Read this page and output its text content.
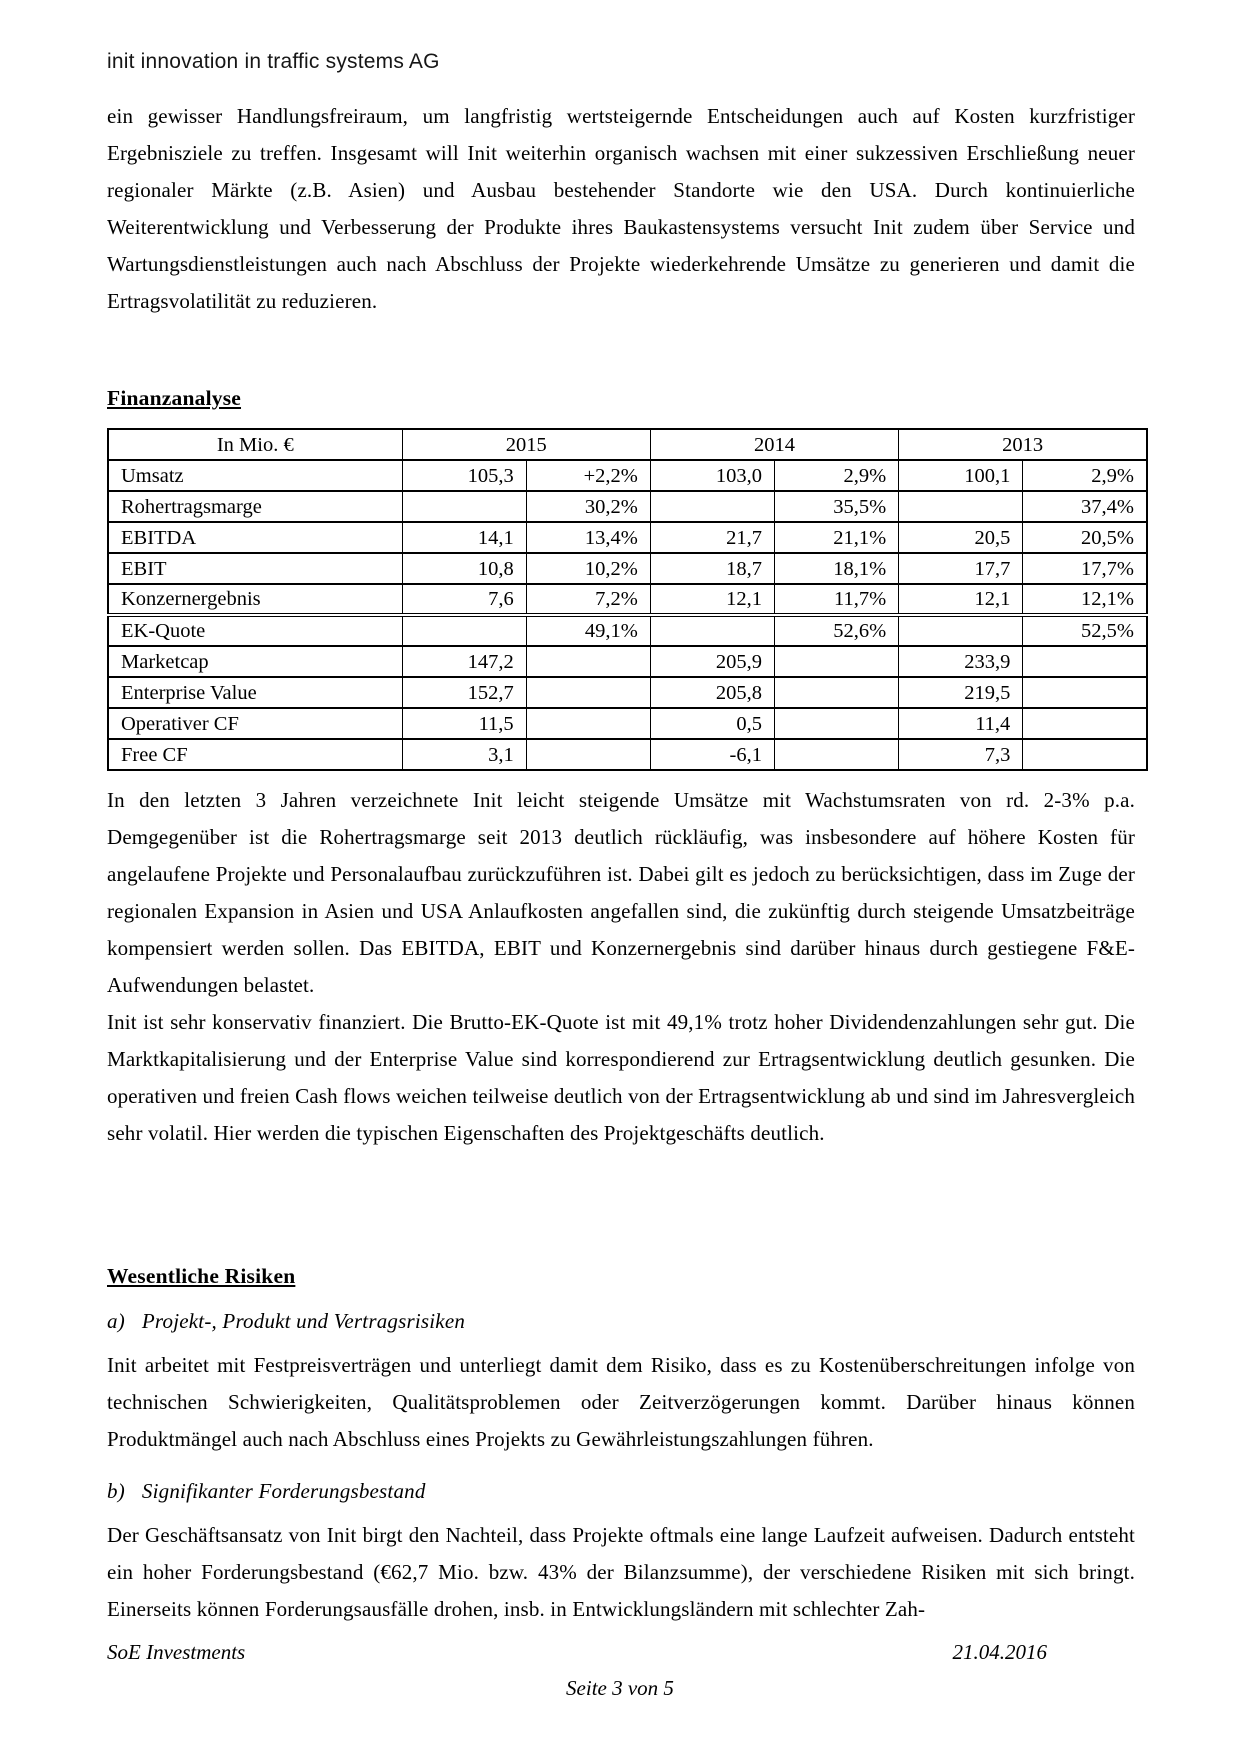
init innovation in traffic systems AG

ein gewisser Handlungsfreiraum, um langfristig wertsteigernde Entscheidungen auch auf Kosten kurzfristiger Ergebnisziele zu treffen. Insgesamt will Init weiterhin organisch wachsen mit einer sukzessiven Erschließung neuer regionaler Märkte (z.B. Asien) und Ausbau bestehender Standorte wie den USA. Durch kontinuierliche Weiterentwicklung und Verbesserung der Produkte ihres Baukastensystems versucht Init zudem über Service und Wartungsdienstleistungen auch nach Abschluss der Projekte wiederkehrende Umsätze zu generieren und damit die Ertragsvolatilität zu reduzieren.

Finanzanalyse
In Mio. €	2015		2014		2013	
Umsatz	105,3	+2,2%	103,0	2,9%	100,1	2,9%
Rohertragsmarge		30,2%		35,5%		37,4%
EBITDA	14,1	13,4%	21,7	21,1%	20,5	20,5%
EBIT	10,8	10,2%	18,7	18,1%	17,7	17,7%
Konzernergebnis	7,6	7,2%	12,1	11,7%	12,1	12,1%
EK-Quote		49,1%		52,6%		52,5%
Marketcap	147,2		205,9		233,9	
Enterprise Value	152,7		205,8		219,5	
Operativer CF	11,5		0,5		11,4	
Free CF	3,1		-6,1		7,3	

In den letzten 3 Jahren verzeichnete Init leicht steigende Umsätze mit Wachstumsraten von rd. 2-3% p.a. Demgegenüber ist die Rohertragsmarge seit 2013 deutlich rückläufig, was insbesondere auf höhere Kosten für angelaufene Projekte und Personalaufbau zurückzuführen ist. Dabei gilt es jedoch zu berücksichtigen, dass im Zuge der regionalen Expansion in Asien und USA Anlaufkosten angefallen sind, die zukünftig durch steigende Umsatzbeiträge kompensiert werden sollen. Das EBITDA, EBIT und Konzernergebnis sind darüber hinaus durch gestiegene F&E-Aufwendungen belastet.

Init ist sehr konservativ finanziert. Die Brutto-EK-Quote ist mit 49,1% trotz hoher Dividendenzahlungen sehr gut. Die Marktkapitalisierung und der Enterprise Value sind korrespondierend zur Ertragsentwicklung deutlich gesunken. Die operativen und freien Cash flows weichen teilweise deutlich von der Ertragsentwicklung ab und sind im Jahresvergleich sehr volatil. Hier werden die typischen Eigenschaften des Projektgeschäfts deutlich.

Wesentliche Risiken
a) Projekt-, Produkt und Vertragsrisiken

Init arbeitet mit Festpreisverträgen und unterliegt damit dem Risiko, dass es zu Kostenüberschreitungen infolge von technischen Schwierigkeiten, Qualitätsproblemen oder Zeitverzögerungen kommt. Darüber hinaus können Produktmängel auch nach Abschluss eines Projekts zu Gewährleistungszahlungen führen.

b) Signifikanter Forderungsbestand

Der Geschäftsansatz von Init birgt den Nachteil, dass Projekte oftmals eine lange Laufzeit aufweisen. Dadurch entsteht ein hoher Forderungsbestand (€62,7 Mio. bzw. 43% der Bilanzsumme), der verschiedene Risiken mit sich bringt. Einerseits können Forderungsausfälle drohen, insb. in Entwicklungsländern mit schlechter Zah-

SoE Investments	21.04.2016
Seite 3 von 5
